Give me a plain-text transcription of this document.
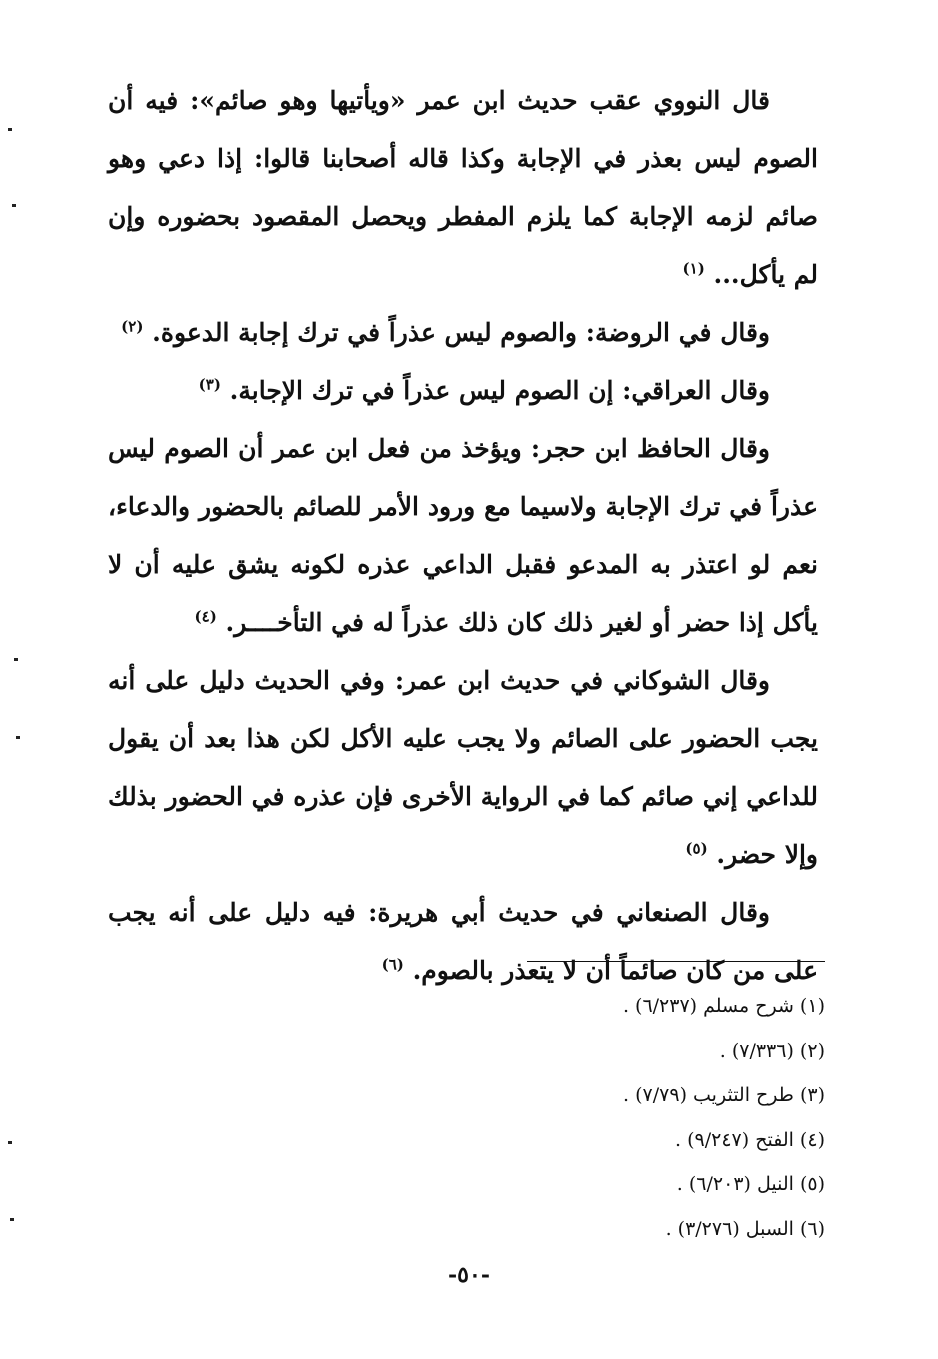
قال النووي عقب حديث ابن عمر «ويأتيها وهو صائم»: فيه أن الصوم ليس بعذر في الإجابة وكذا قاله أصحابنا قالوا: إذا دعي وهو صائم لزمه الإجابة كما يلزم المفطر ويحصل المقصود بحضوره وإن لم يأكل... $^{(١)}$

وقال في الروضة: والصوم ليس عذراً في ترك إجابة الدعوة. $^{(٢)}$

وقال العراقي: إن الصوم ليس عذراً في ترك الإجابة. $^{(٣)}$

وقال الحافظ ابن حجر: ويؤخذ من فعل ابن عمر أن الصوم ليس عذراً في ترك الإجابة ولاسيما مع ورود الأمر للصائم بالحضور والدعاء، نعم لو اعتذر به المدعو فقبل الداعي عذره لكونه يشق عليه أن لا يأكل إذا حضر أو لغير ذلك كان ذلك عذراً له في التأخــــر. $^{(٤)}$

وقال الشوكاني في حديث ابن عمر: وفي الحديث دليل على أنه يجب الحضور على الصائم ولا يجب عليه الأكل لكن هذا بعد أن يقول للداعي إني صائم كما في الرواية الأخرى فإن عذره في الحضور بذلك وإلا حضر. $^{(٥)}$

وقال الصنعاني في حديث أبي هريرة: فيه دليل على أنه يجب على من كان صائماً أن لا يتعذر بالصوم. $^{(٦)}$

(١) شرح مسلم (٦/٢٣٧) .
(٢) (٧/٣٣٦) .
(٣) طرح التثريب (٧/٧٩) .
(٤) الفتح (٩/٢٤٧) .
(٥) النيل (٦/٢٠٣) .
(٦) السبل (٣/٢٧٦) .
-٥٠-
